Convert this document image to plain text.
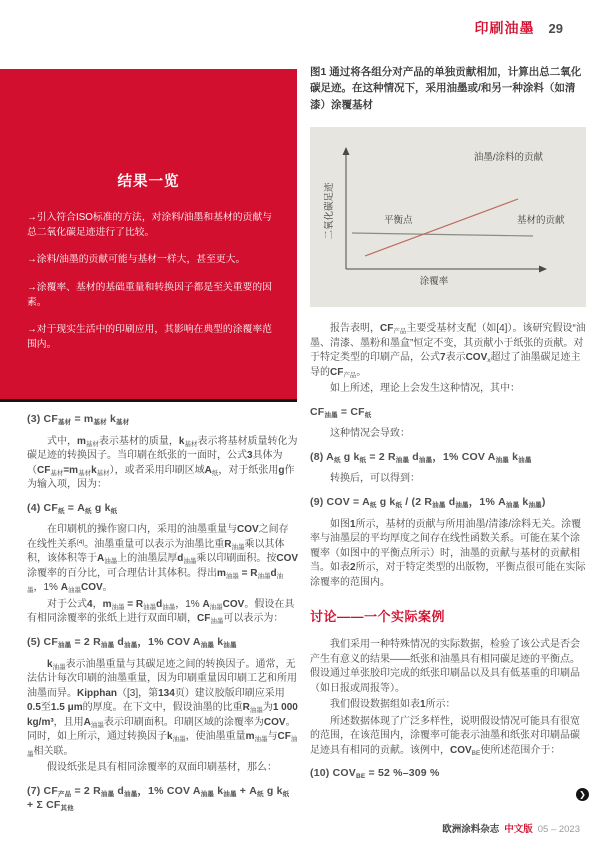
印刷油墨 29
结果一览

→引入符合ISO标准的方法，对涂料/油墨和基材的贡献与总二氧化碳足迹进行了比较。

→涂料/油墨的贡献可能与基材一样大，甚至更大。

→涂覆率、基材的基础重量和转换因子都是至关重要的因素。

→对于现实生活中的印刷应用，其影响在典型的涂覆率范围内。

图1 通过将各组分对产品的单独贡献相加，计算出总二氧化碳足迹。在这种情况下，采用油墨或/和另一种涂料（如清漆）涂覆基材
油墨/涂料的贡献
基材的贡献
平衡点
涂覆率
二氧化碳足迹

(3) $CF_{基材} = m_{基材}$ $k_{基材}$

式中，$m_{基材}$表示基材的质量，$k_{基材}$表示将基材质量转化为碳足迹的转换因子。当印刷在纸张的一面时，公式3具体为$(CF_{基材}=m_{基材}k_{基材})$，或者采用印刷区域$A_纸$，对于纸张用g作为输入项，因为：

(4) $CF_纸 = A_纸$ g $k_纸$

在印刷机的操作窗口内，采用的油墨重量与COV之间存在线性关系[4]。油墨重量可以表示为油墨比重$R_{油墨}$乘以其体积，该体积等于$A_{油墨}$上的油墨层厚$d_{油墨}$乘以印刷面积。按COV涂覆率的百分比，可合理估计其体积。得出$m_{油墨} = R_{油墨}d_{油墨}$，1% $A_{油墨}COV$。

对于公式4，$m_{油墨} = R_{油墨}d_{油墨}$，1% $A_{油墨}COV$。假设在具有相同涂覆率的张纸上进行双面印刷，$CF_{油墨}$可以表示为：

(5) $CF_{油墨} = 2$ $R_{油墨}$ $d_{油墨}$，1% COV $A_{油墨}$ $k_{油墨}$

$k_{油墨}$表示油墨重量与其碳足迹之间的转换因子。通常，无法估计每次印刷的油墨重量，因为印刷重量因印刷工艺和所用油墨而异。Kipphan（[3]，第134页）建议胶版印刷应采用0.5至1.5 μm的厚度。在下文中，假设油墨的比重$R_{油墨}$为1 000 kg/m³，且用$A_{油墨}$表示印刷面积。印刷区域的涂覆率为COV。同时，如上所示，通过转换因子$k_{油墨}$，使油墨重量$m_{油墨}$与$CF_{油墨}$相关联。

假设纸张是具有相同涂覆率的双面印刷基材，那么：

(7) $CF_{产品} = 2$ $R_{油墨}$ $d_{油墨}$，1% COV $A_{油墨}$ $k_{油墨} + A_纸$ g $k_纸 + \Sigma$ $CF_{其他}$

报告表明，$CF_{产品}$主要受基材支配（如[4]）。该研究假设“油墨、清漆、墨粉和墨盒”恒定不变，其贡献小于纸张的贡献。对于特定类型的印刷产品，公式7表示$COV_x$超过了油墨碳足迹主导的$CF_{产品}$。

如上所述，理论上会发生这种情况，其中：

$CF_{油墨} = CF_纸$

这种情况会导致：

(8) $A_纸$ g $k_纸 = 2$ $R_{油墨}$ $d_{油墨}$，1% COV $A_{油墨}$ $k_{油墨}$

转换后，可以得到：

(9) COV = $A_纸$ g $k_纸 / (2$ $R_{油墨}$ $d_{油墨}$，1% $A_{油墨}$ $k_{油墨}$)

如图1所示，基材的贡献与所用油墨/清漆/涂料无关。涂覆率与油墨层的平均厚度之间存在线性函数关系。可能在某个涂覆率（如图中的平衡点所示）时，油墨的贡献与基材的贡献相当。如表2所示，对于特定类型的出版物，平衡点很可能在实际涂覆率的范围内。

讨论——一个实际案例

我们采用一种特殊情况的实际数据，检验了该公式是否会产生有意义的结果——纸张和油墨具有相同碳足迹的平衡点。假设通过单张胶印完成的纸张印刷品以及具有低基重的印刷品（如日报或周报等）。

我们假设数据组如表1所示：

所述数据体现了广泛多样性，说明假设情况可能具有很宽的范围，在该范围内，涂覆率可能表示油墨和纸张对印刷品碳足迹具有相同的贡献。该例中，$COV_{BE}$使所述范围介于：

(10) $COV_{BE} = 52$ %–309 %

❯
欧洲涂料杂志 中文版 05 – 2023
